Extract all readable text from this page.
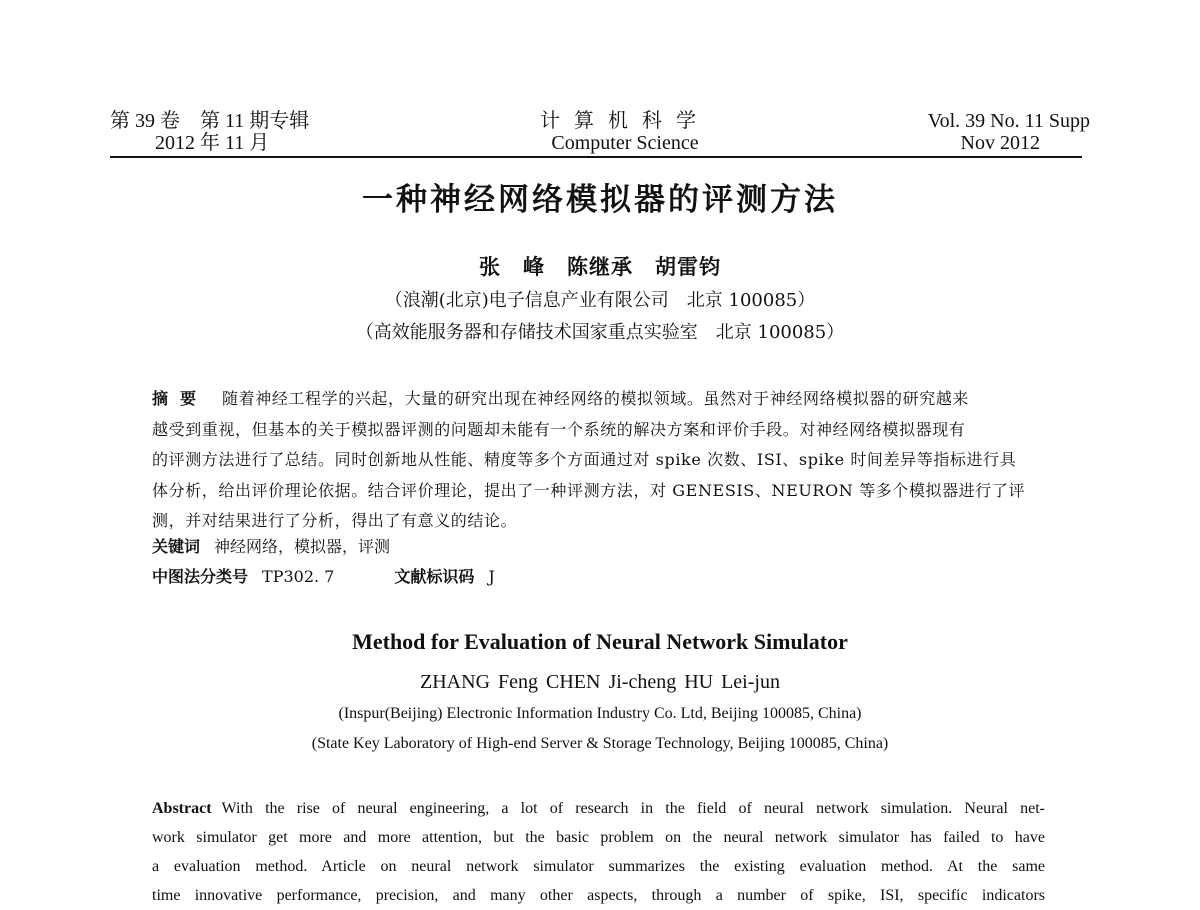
第 39 卷　第 11 期专辑
2012 年 11 月
计算机科学
Computer Science
Vol. 39 No. 11 Supp
Nov 2012
一种神经网络模拟器的评测方法
张　峰　陈继承　胡雷钧
（浪潮(北京)电子信息产业有限公司　北京 100085）
（高效能服务器和存储技术国家重点实验室　北京 100085）
摘要 随着神经工程学的兴起，大量的研究出现在神经网络的模拟领域。虽然对于神经网络模拟器的研究越来
越受到重视，但基本的关于模拟器评测的问题却未能有一个系统的解决方案和评价手段。对神经网络模拟器现有
的评测方法进行了总结。同时创新地从性能、精度等多个方面通过对 spike 次数、ISI、spike 时间差异等指标进行具
体分析，给出评价理论依据。结合评价理论，提出了一种评测方法，对 GENESIS、NEURON 等多个模拟器进行了评
测，并对结果进行了分析，得出了有意义的结论。
关键词 神经网络，模拟器，评测
中图法分类号 TP302. 7	文献标识码 J
Method for Evaluation of Neural Network Simulator
ZHANG Feng CHEN Ji-cheng HU Lei-jun
(Inspur(Beijing) Electronic Information Industry Co. Ltd, Beijing 100085, China)
(State Key Laboratory of High-end Server & Storage Technology, Beijing 100085, China)
Abstract With the rise of neural engineering, a lot of research in the field of neural network simulation. Neural net-
work simulator get more and more attention, but the basic problem on the neural network simulator has failed to have
a evaluation method. Article on neural network simulator summarizes the existing evaluation method. At the same
time innovative performance, precision, and many other aspects, through a number of spike, ISI, specific indicators
